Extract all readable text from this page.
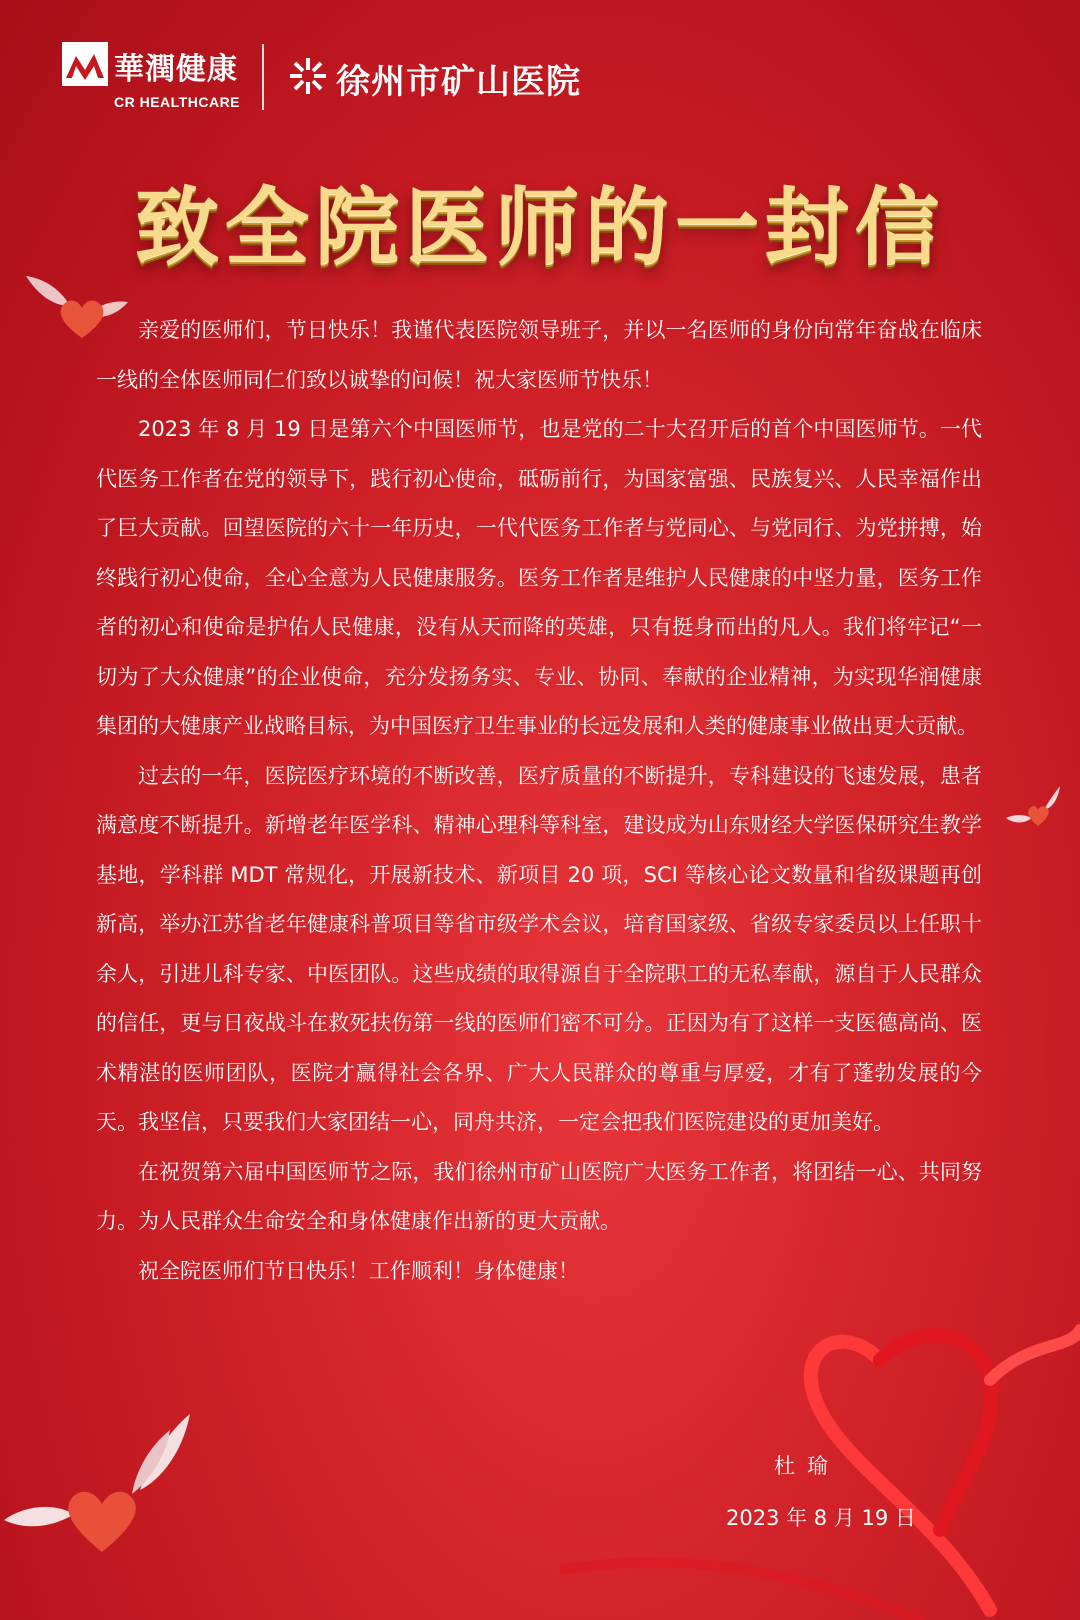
華潤健康
CR HEALTHCARE	徐州市矿山医院
致全院医师的一封信

亲爱的医师们，节日快乐！我谨代表医院领导班子，并以一名医师的身份向常年奋战在临床一线的全体医师同仁们致以诚挚的问候！祝大家医师节快乐！

2023 年 8 月 19 日是第六个中国医师节，也是党的二十大召开后的首个中国医师节。一代代医务工作者在党的领导下，践行初心使命，砥砺前行，为国家富强、民族复兴、人民幸福作出了巨大贡献。回望医院的六十一年历史，一代代医务工作者与党同心、与党同行、为党拼搏，始终践行初心使命，全心全意为人民健康服务。医务工作者是维护人民健康的中坚力量，医务工作者的初心和使命是护佑人民健康，没有从天而降的英雄，只有挺身而出的凡人。我们将牢记“一切为了大众健康”的企业使命，充分发扬务实、专业、协同、奉献的企业精神，为实现华润健康集团的大健康产业战略目标，为中国医疗卫生事业的长远发展和人类的健康事业做出更大贡献。

过去的一年，医院医疗环境的不断改善，医疗质量的不断提升，专科建设的飞速发展，患者满意度不断提升。新增老年医学科、精神心理科等科室，建设成为山东财经大学医保研究生教学基地，学科群 MDT 常规化，开展新技术、新项目 20 项，SCI 等核心论文数量和省级课题再创新高，举办江苏省老年健康科普项目等省市级学术会议，培育国家级、省级专家委员以上任职十余人，引进儿科专家、中医团队。这些成绩的取得源自于全院职工的无私奉献，源自于人民群众的信任，更与日夜战斗在救死扶伤第一线的医师们密不可分。正因为有了这样一支医德高尚、医术精湛的医师团队，医院才赢得社会各界、广大人民群众的尊重与厚爱，才有了蓬勃发展的今天。我坚信，只要我们大家团结一心，同舟共济，一定会把我们医院建设的更加美好。

在祝贺第六届中国医师节之际，我们徐州市矿山医院广大医务工作者，将团结一心、共同努力。为人民群众生命安全和身体健康作出新的更大贡献。

祝全院医师们节日快乐！工作顺利！身体健康！

杜瑜
2023 年 8 月 19 日
